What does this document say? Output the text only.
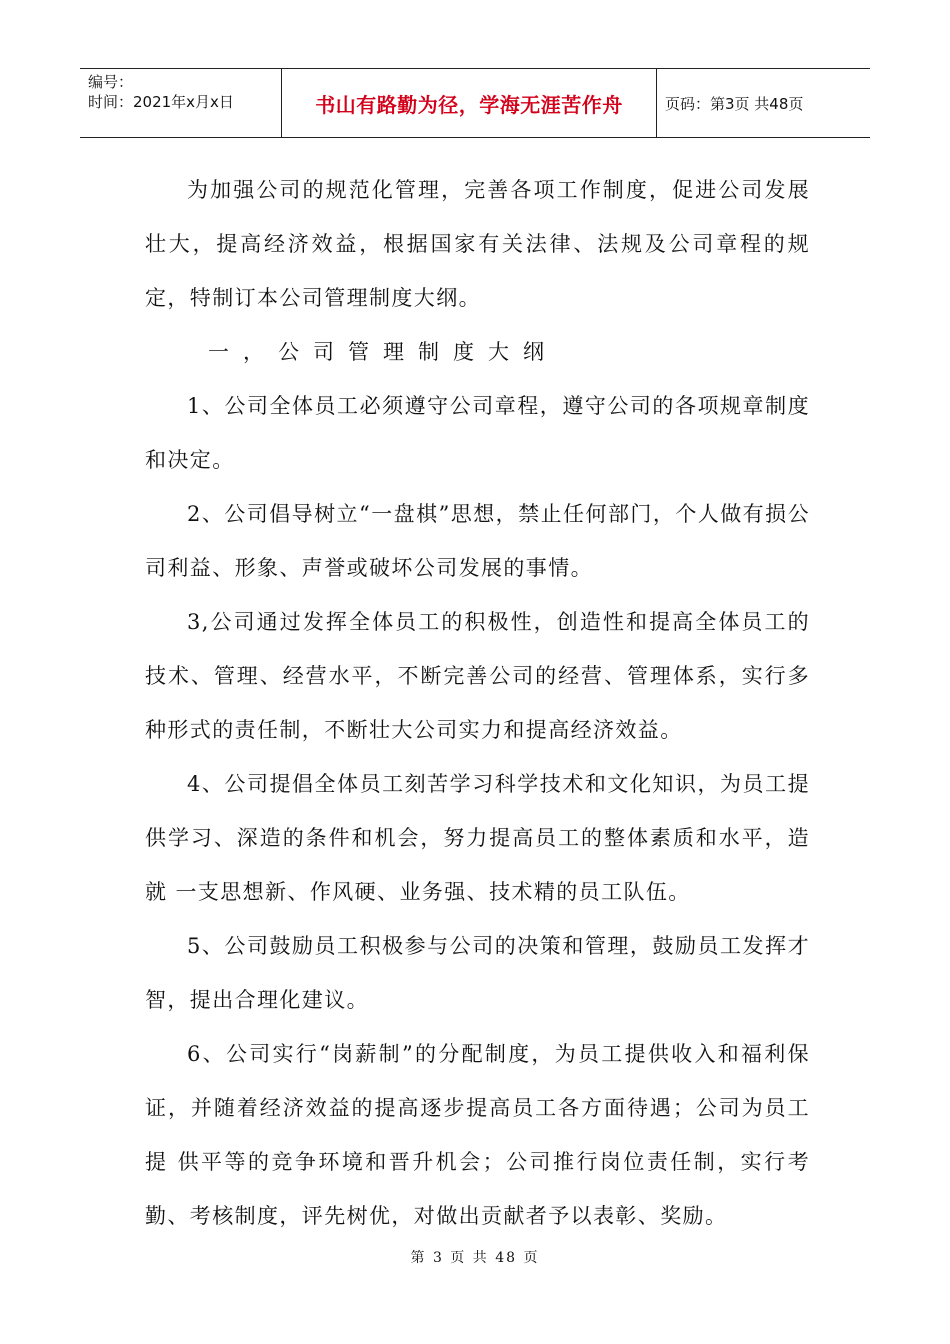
编号：
时间：2021年x月x日	书山有路勤为径，学海无涯苦作舟	页码：第3页 共48页

为加强公司的规范化管理，完善各项工作制度，促进公司发展壮大，提高经济效益，根据国家有关法律、法规及公司章程的规定，特制订本公司管理制度大纲。

一，公司管理制度大纲

1、公司全体员工必须遵守公司章程，遵守公司的各项规章制度和决定。

2、公司倡导树立“一盘棋”思想，禁止任何部门，个人做有损公司利益、形象、声誉或破坏公司发展的事情。

3,公司通过发挥全体员工的积极性，创造性和提高全体员工的技术、管理、经营水平，不断完善公司的经营、管理体系，实行多种形式的责任制，不断壮大公司实力和提高经济效益。

4、公司提倡全体员工刻苦学习科学技术和文化知识，为员工提 供学习、深造的条件和机会，努力提高员工的整体素质和水平，造就 一支思想新、作风硬、业务强、技术精的员工队伍。

5、公司鼓励员工积极参与公司的决策和管理，鼓励员工发挥才 智，提出合理化建议。

6、公司实行“岗薪制”的分配制度，为员工提供收入和福利保 证，并随着经济效益的提高逐步提高员工各方面待遇；公司为员工提 供平等的竞争环境和晋升机会；公司推行岗位责任制，实行考勤、考核制度，评先树优，对做出贡献者予以表彰、奖励。

第 3 页 共 48 页
